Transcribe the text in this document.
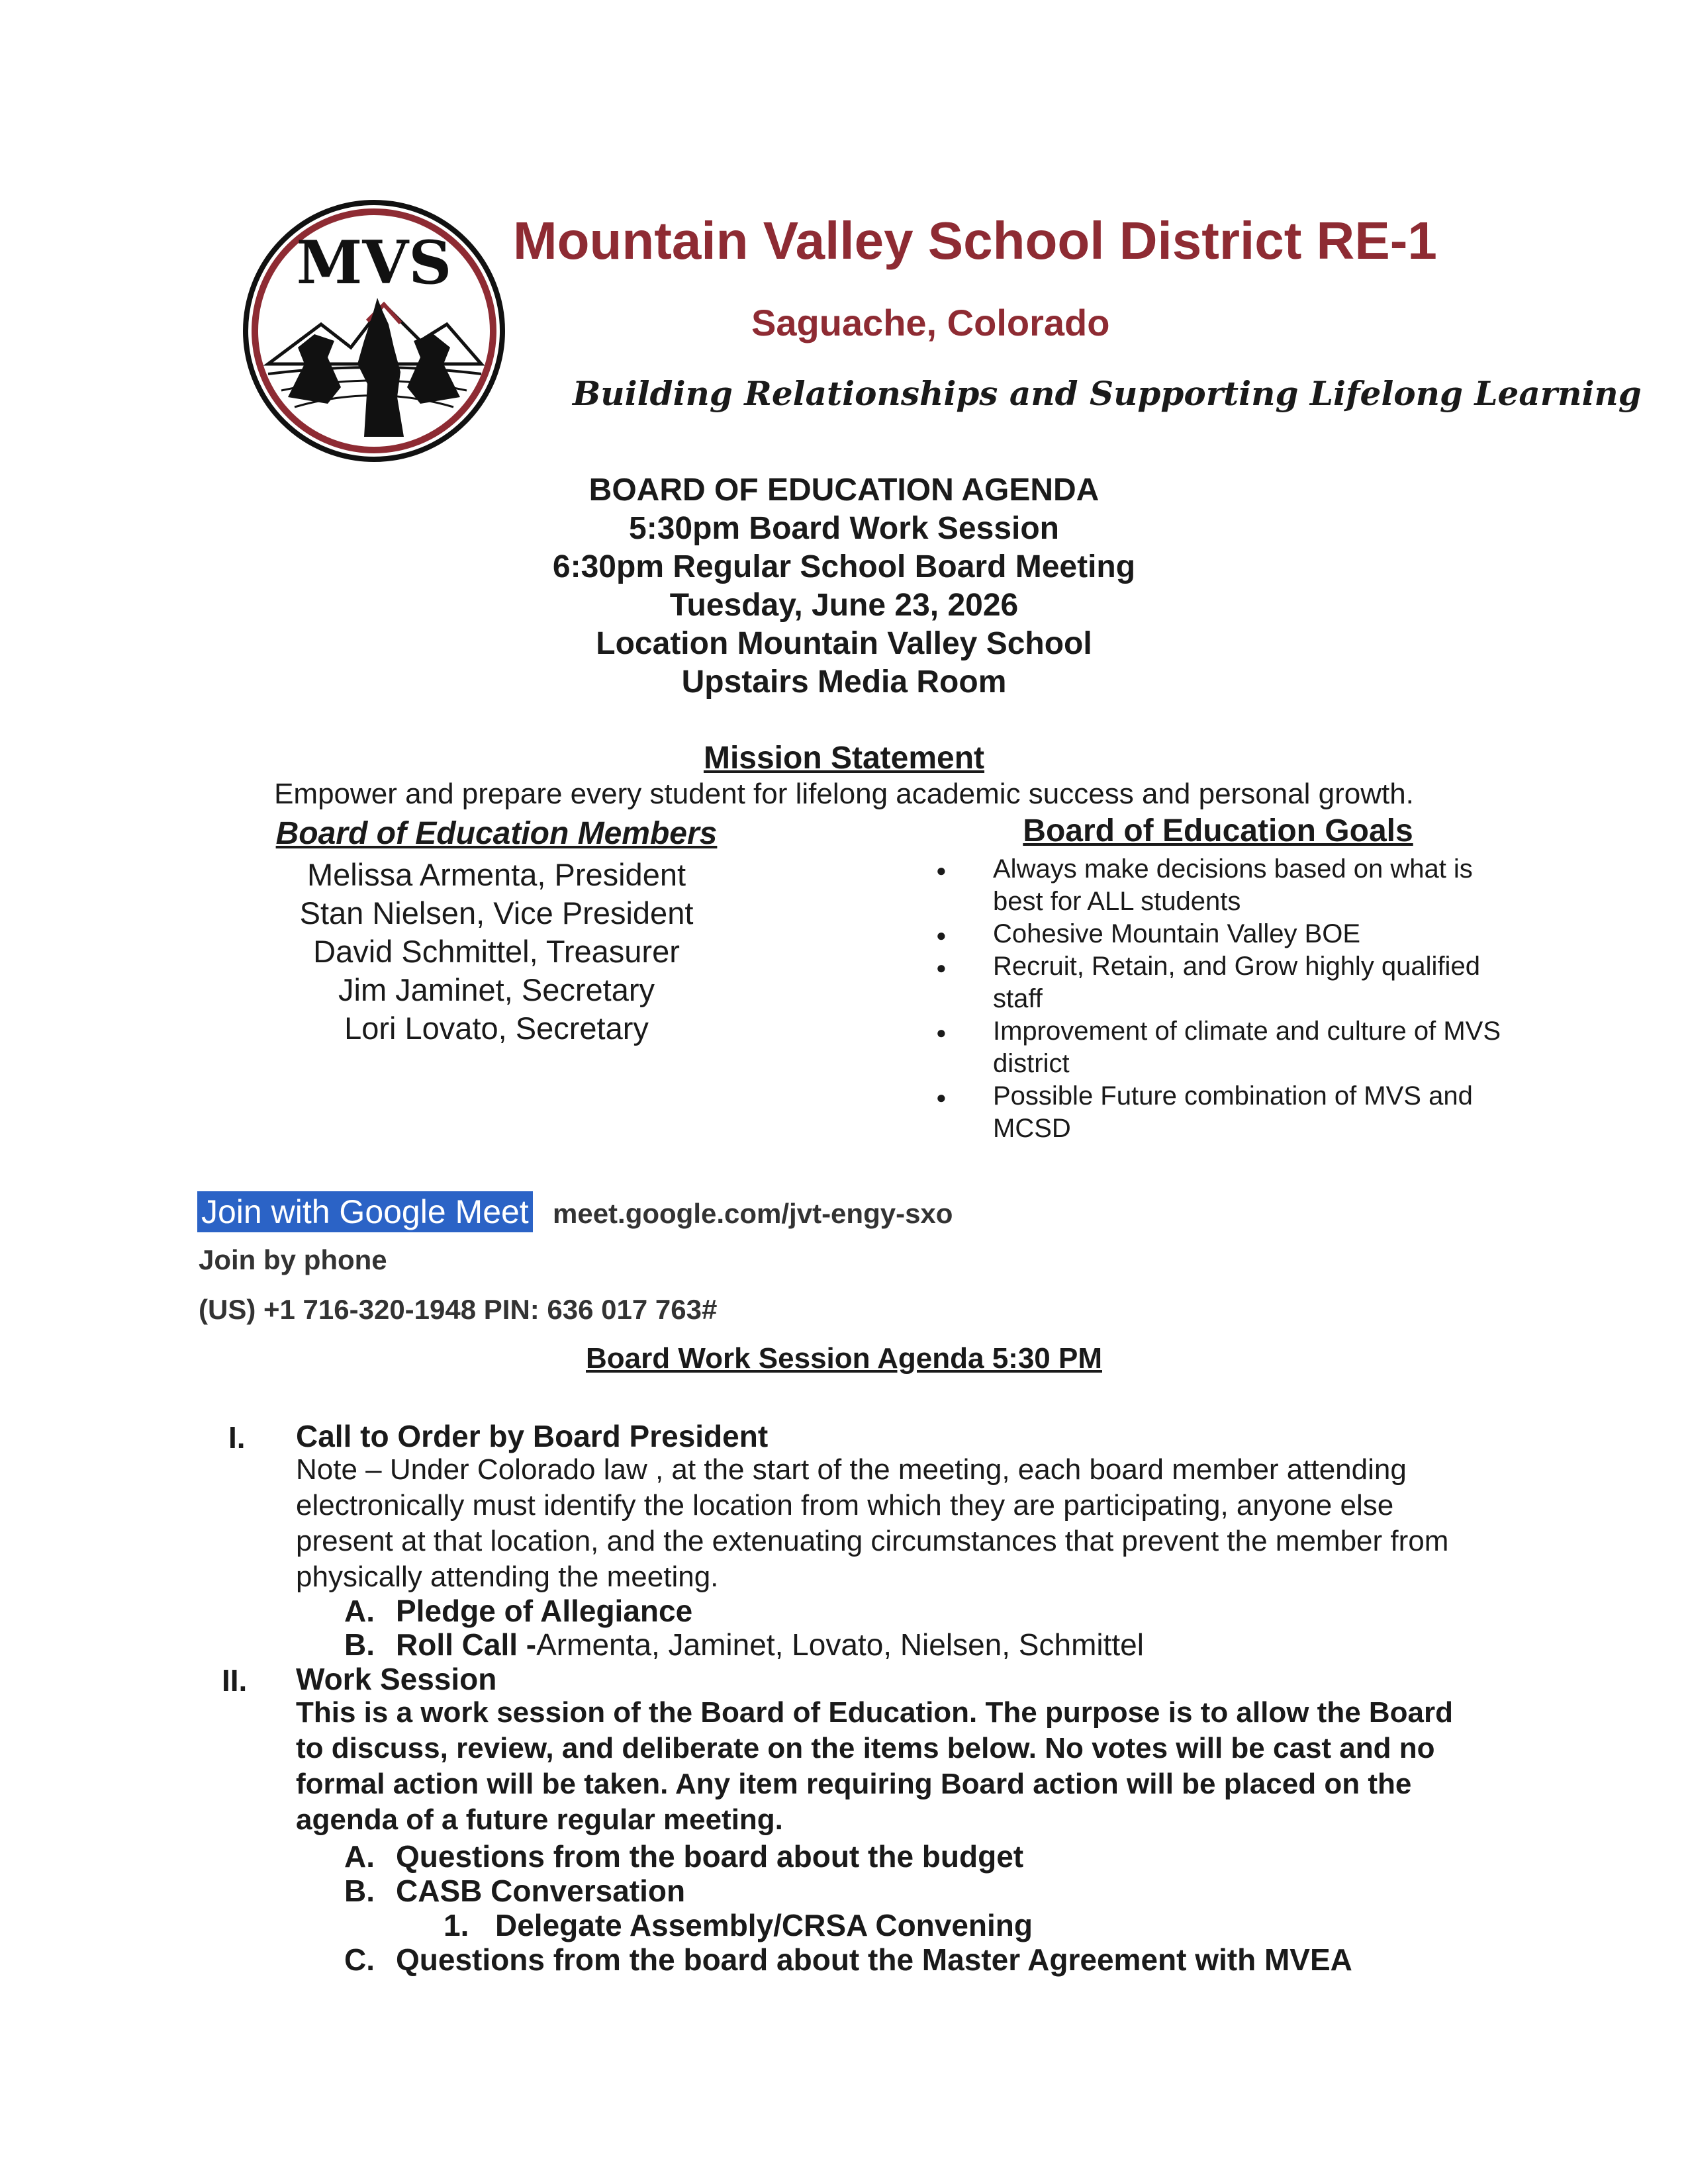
MVS Mountain Valley School District RE-1
Saguache, Colorado
Building Relationships and Supporting Lifelong Learning
BOARD OF EDUCATION AGENDA
5:30pm Board Work Session
6:30pm Regular School Board Meeting
Tuesday, June 23, 2026
Location Mountain Valley School
Upstairs Media Room
Mission Statement
Empower and prepare every student for lifelong academic success and personal growth.
Board of Education Members
Melissa Armenta, President
Stan Nielsen, Vice President
David Schmittel, Treasurer
Jim Jaminet, Secretary
Lori Lovato, Secretary
Board of Education Goals
● Always make decisions based on what is best for ALL students
● Cohesive Mountain Valley BOE
● Recruit, Retain, and Grow highly qualified staff
● Improvement of climate and culture of MVS district
● Possible Future combination of MVS and MCSD
Join with Google Meet meet.google.com/jvt-engy-sxo
Join by phone
(US) +1 716-320-1948 PIN: 636 017 763#
Board Work Session Agenda 5:30 PM
I. Call to Order by Board President
Note – Under Colorado law , at the start of the meeting, each board member attending electronically must identify the location from which they are participating, anyone else present at that location, and the extenuating circumstances that prevent the member from physically attending the meeting.
A. Pledge of Allegiance
B. Roll Call -Armenta, Jaminet, Lovato, Nielsen, Schmittel
II. Work Session
This is a work session of the Board of Education. The purpose is to allow the Board to discuss, review, and deliberate on the items below. No votes will be cast and no formal action will be taken. Any item requiring Board action will be placed on the agenda of a future regular meeting.
A. Questions from the board about the budget
B. CASB Conversation
1. Delegate Assembly/CRSA Convening
C. Questions from the board about the Master Agreement with MVEA
